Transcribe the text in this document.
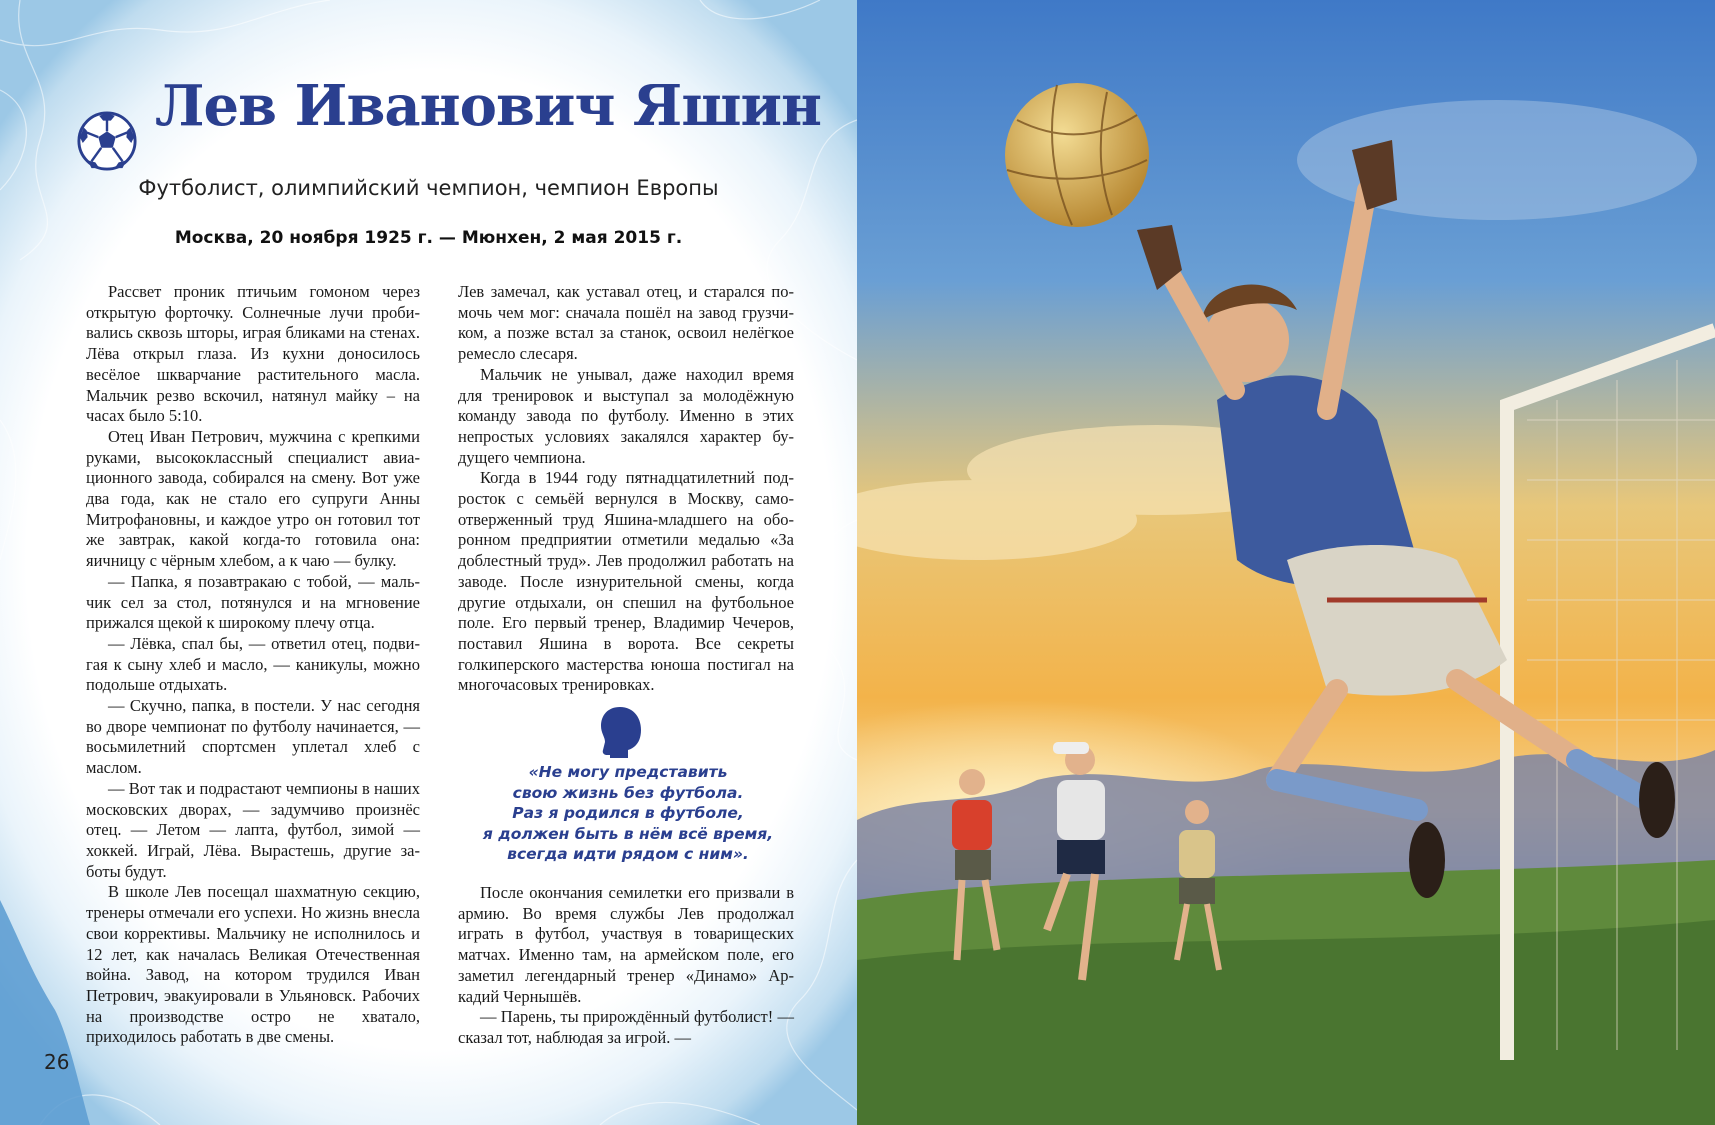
Лев Иванович Яшин

Футболист, олимпийский чемпион, чемпион Европы

Москва, 20 ноября 1925 г. — Мюнхен, 2 мая 2015 г.

Рассвет проник птичьим гомоном через открытую форточку. Солнечные лучи пробивались сквозь шторы, играя бликами на стенах. Лёва открыл глаза. Из кухни доносилось весёлое шкварчание растительного масла. Мальчик резво вскочил, натянул майку – на часах было 5:10.

Отец Иван Петрович, мужчина с крепкими руками, высококлассный специалист авиационного завода, собирался на смену. Вот уже два года, как не стало его супруги Анны Митрофановны, и каждое утро он готовил тот же завтрак, какой когда-то готовила она: яичницу с чёрным хлебом, а к чаю — булку.

— Папка, я позавтракаю с тобой, — мальчик сел за стол, потянулся и на мгновение прижался щекой к широкому плечу отца.

— Лёвка, спал бы, — ответил отец, подвигая к сыну хлеб и масло, — каникулы, можно подольше отдыхать.

— Скучно, папка, в постели. У нас сегодня во дворе чемпионат по футболу начинается, — восьмилетний спортсмен уплетал хлеб с маслом.

— Вот так и подрастают чемпионы в наших московских дворах, — задумчиво произнёс отец. — Летом — лапта, футбол, зимой — хоккей. Играй, Лёва. Вырастешь, другие заботы будут.

В школе Лев посещал шахматную секцию, тренеры отмечали его успехи. Но жизнь внесла свои коррективы. Мальчику не исполнилось и 12 лет, как началась Великая Отечественная война. Завод, на котором трудился Иван Петрович, эвакуировали в Ульяновск. Рабочих на производстве остро не хватало, приходилось работать в две смены.

Лев замечал, как уставал отец, и старался помочь чем мог: сначала пошёл на завод грузчиком, а позже встал за станок, освоил нелёгкое ремесло слесаря.

Мальчик не унывал, даже находил время для тренировок и выступал за молодёжную команду завода по футболу. Именно в этих непростых условиях закалялся характер будущего чемпиона.

Когда в 1944 году пятнадцатилетний подросток с семьёй вернулся в Москву, самоотверженный труд Яшина-младшего на оборонном предприятии отметили медалью «За доблестный труд». Лев продолжил работать на заводе. После изнурительной смены, когда другие отдыхали, он спешил на футбольное поле. Его первый тренер, Владимир Чечеров, поставил Яшина в ворота. Все секреты голкиперского мастерства юноша постигал на многочасовых тренировках.

«Не могу представить
свою жизнь без футбола.
Раз я родился в футболе,
я должен быть в нём всё время,
всегда идти рядом с ним».

После окончания семилетки его призвали в армию. Во время службы Лев продолжал играть в футбол, участвуя в товарищеских матчах. Именно там, на армейском поле, его заметил легендарный тренер «Динамо» Аркадий Чернышёв.

— Парень, ты прирождённый футболист! — сказал тот, наблюдая за игрой. —

26
